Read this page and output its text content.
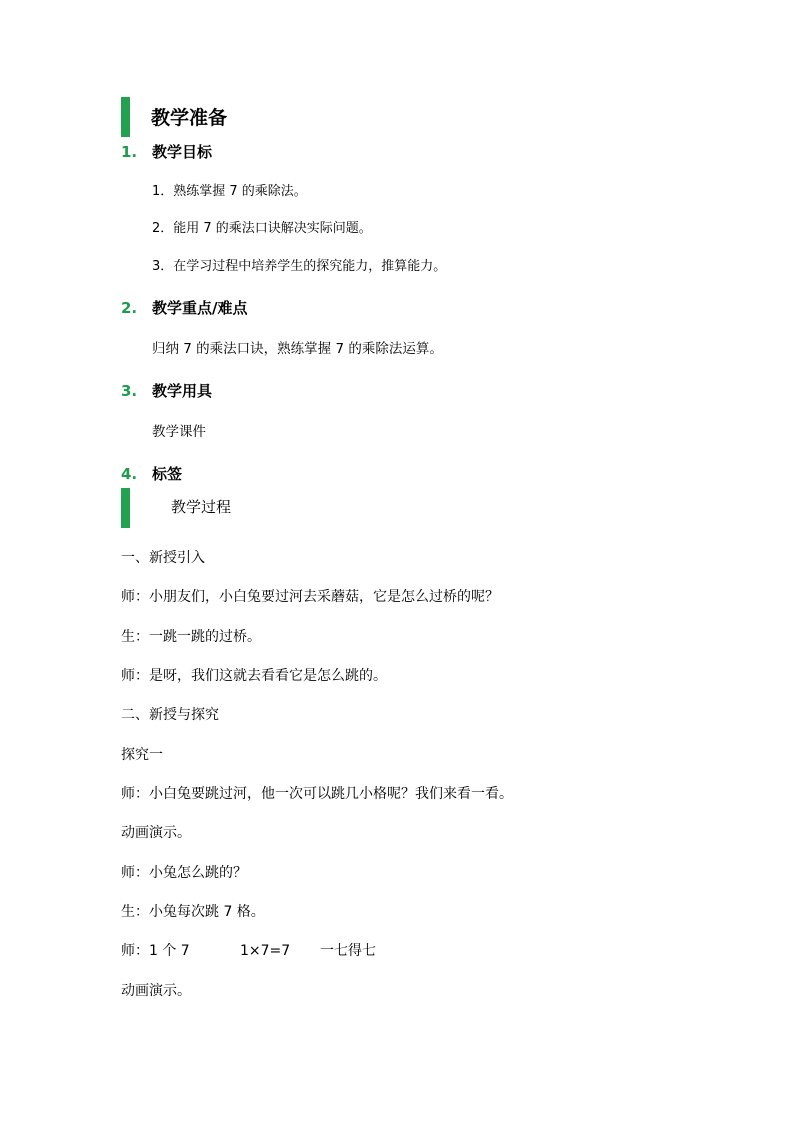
教学准备
1. 教学目标
1．熟练掌握 7 的乘除法。
2．能用 7 的乘法口诀解决实际问题。
3．在学习过程中培养学生的探究能力，推算能力。
2. 教学重点/难点
归纳 7 的乘法口诀，熟练掌握 7 的乘除法运算。
3. 教学用具
教学课件
4. 标签
教学过程
一、新授引入
师：小朋友们，小白兔要过河去采蘑菇，它是怎么过桥的呢？
生：一跳一跳的过桥。
师：是呀，我们这就去看看它是怎么跳的。
二、新授与探究
探究一
师：小白兔要跳过河，他一次可以跳几小格呢？我们来看一看。
动画演示。
师：小兔怎么跳的？
生：小兔每次跳 7 格。
师：1 个 7	1×7=7 一七得七
动画演示。
